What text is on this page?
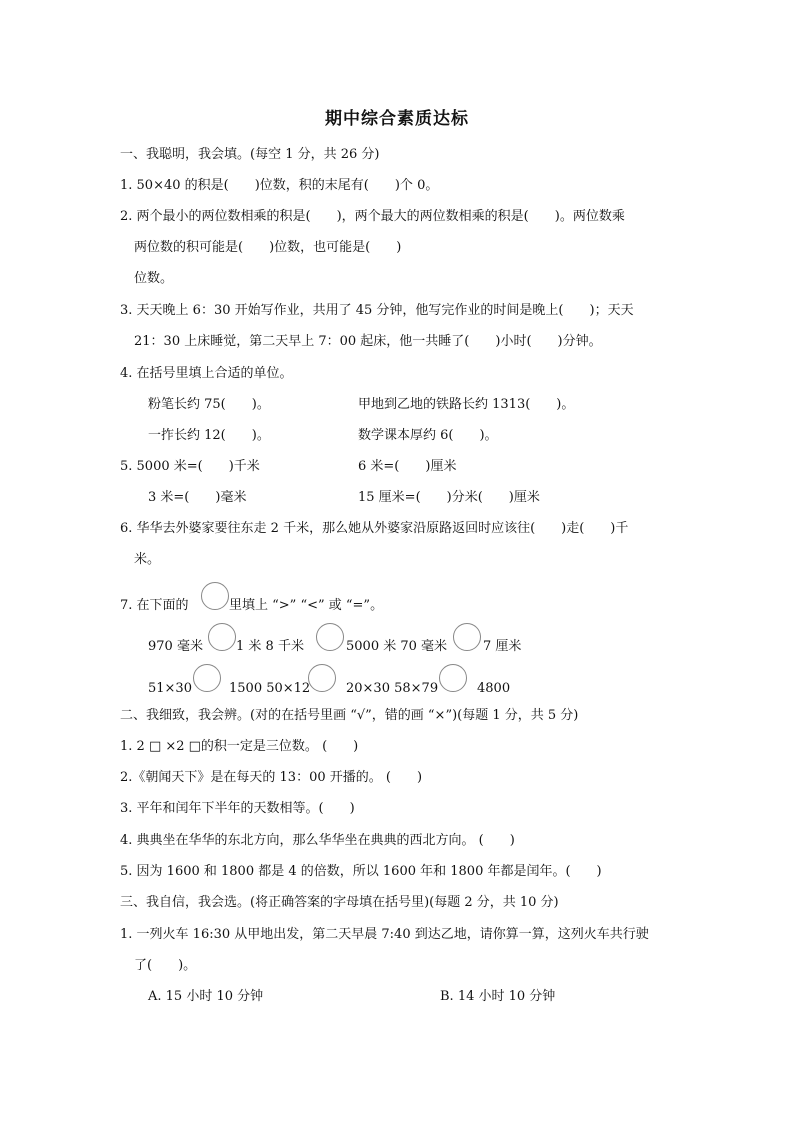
期中综合素质达标
一、我聪明，我会填。(每空 1 分，共 26 分)
1. 50×40 的积是(　　)位数，积的末尾有(　　)个 0。
2. 两个最小的两位数相乘的积是(　　)，两个最大的两位数相乘的积是(　　)。两位数乘
两位数的积可能是(　　)位数，也可能是(　　)
位数。
3. 天天晚上 6：30 开始写作业，共用了 45 分钟，他写完作业的时间是晚上(　　)；天天
21：30 上床睡觉，第二天早上 7：00 起床，他一共睡了(　　)小时(　　)分钟。
4. 在括号里填上合适的单位。
粉笔长约 75(　　)。	甲地到乙地的铁路长约 1313(　　)。
一拃长约 12(　　)。	数学课本厚约 6(　　)。
5. 5000 米=(　　)千米	6 米=(　　)厘米
3 米=(　　)毫米	15 厘米=(　　)分米(　　)厘米
6. 华华去外婆家要往东走 2 千米，那么她从外婆家沿原路返回时应该往(　　)走(　　)千
米。
7. 在下面的	里填上 “>” “<” 或 “=”。
970 毫米	1 米 8 千米	5000 米 70 毫米	7 厘米
51×30	1500 50×12	20×30 58×79	4800
二、我细致，我会辨。(对的在括号里画 “√”，错的画 “×”)(每题 1 分，共 5 分)
1. 2 □ ×2 □的积一定是三位数。 (　　)
2.《朝闻天下》是在每天的 13：00 开播的。 (　　)
3. 平年和闰年下半年的天数相等。(　　)
4. 典典坐在华华的东北方向，那么华华坐在典典的西北方向。 (　　)
5. 因为 1600 和 1800 都是 4 的倍数，所以 1600 年和 1800 年都是闰年。(　　)
三、我自信，我会选。(将正确答案的字母填在括号里)(每题 2 分，共 10 分)
1. 一列火车 16:30 从甲地出发，第二天早晨 7:40 到达乙地，请你算一算，这列火车共行驶
了(　　)。
A. 15 小时 10 分钟	B. 14 小时 10 分钟
